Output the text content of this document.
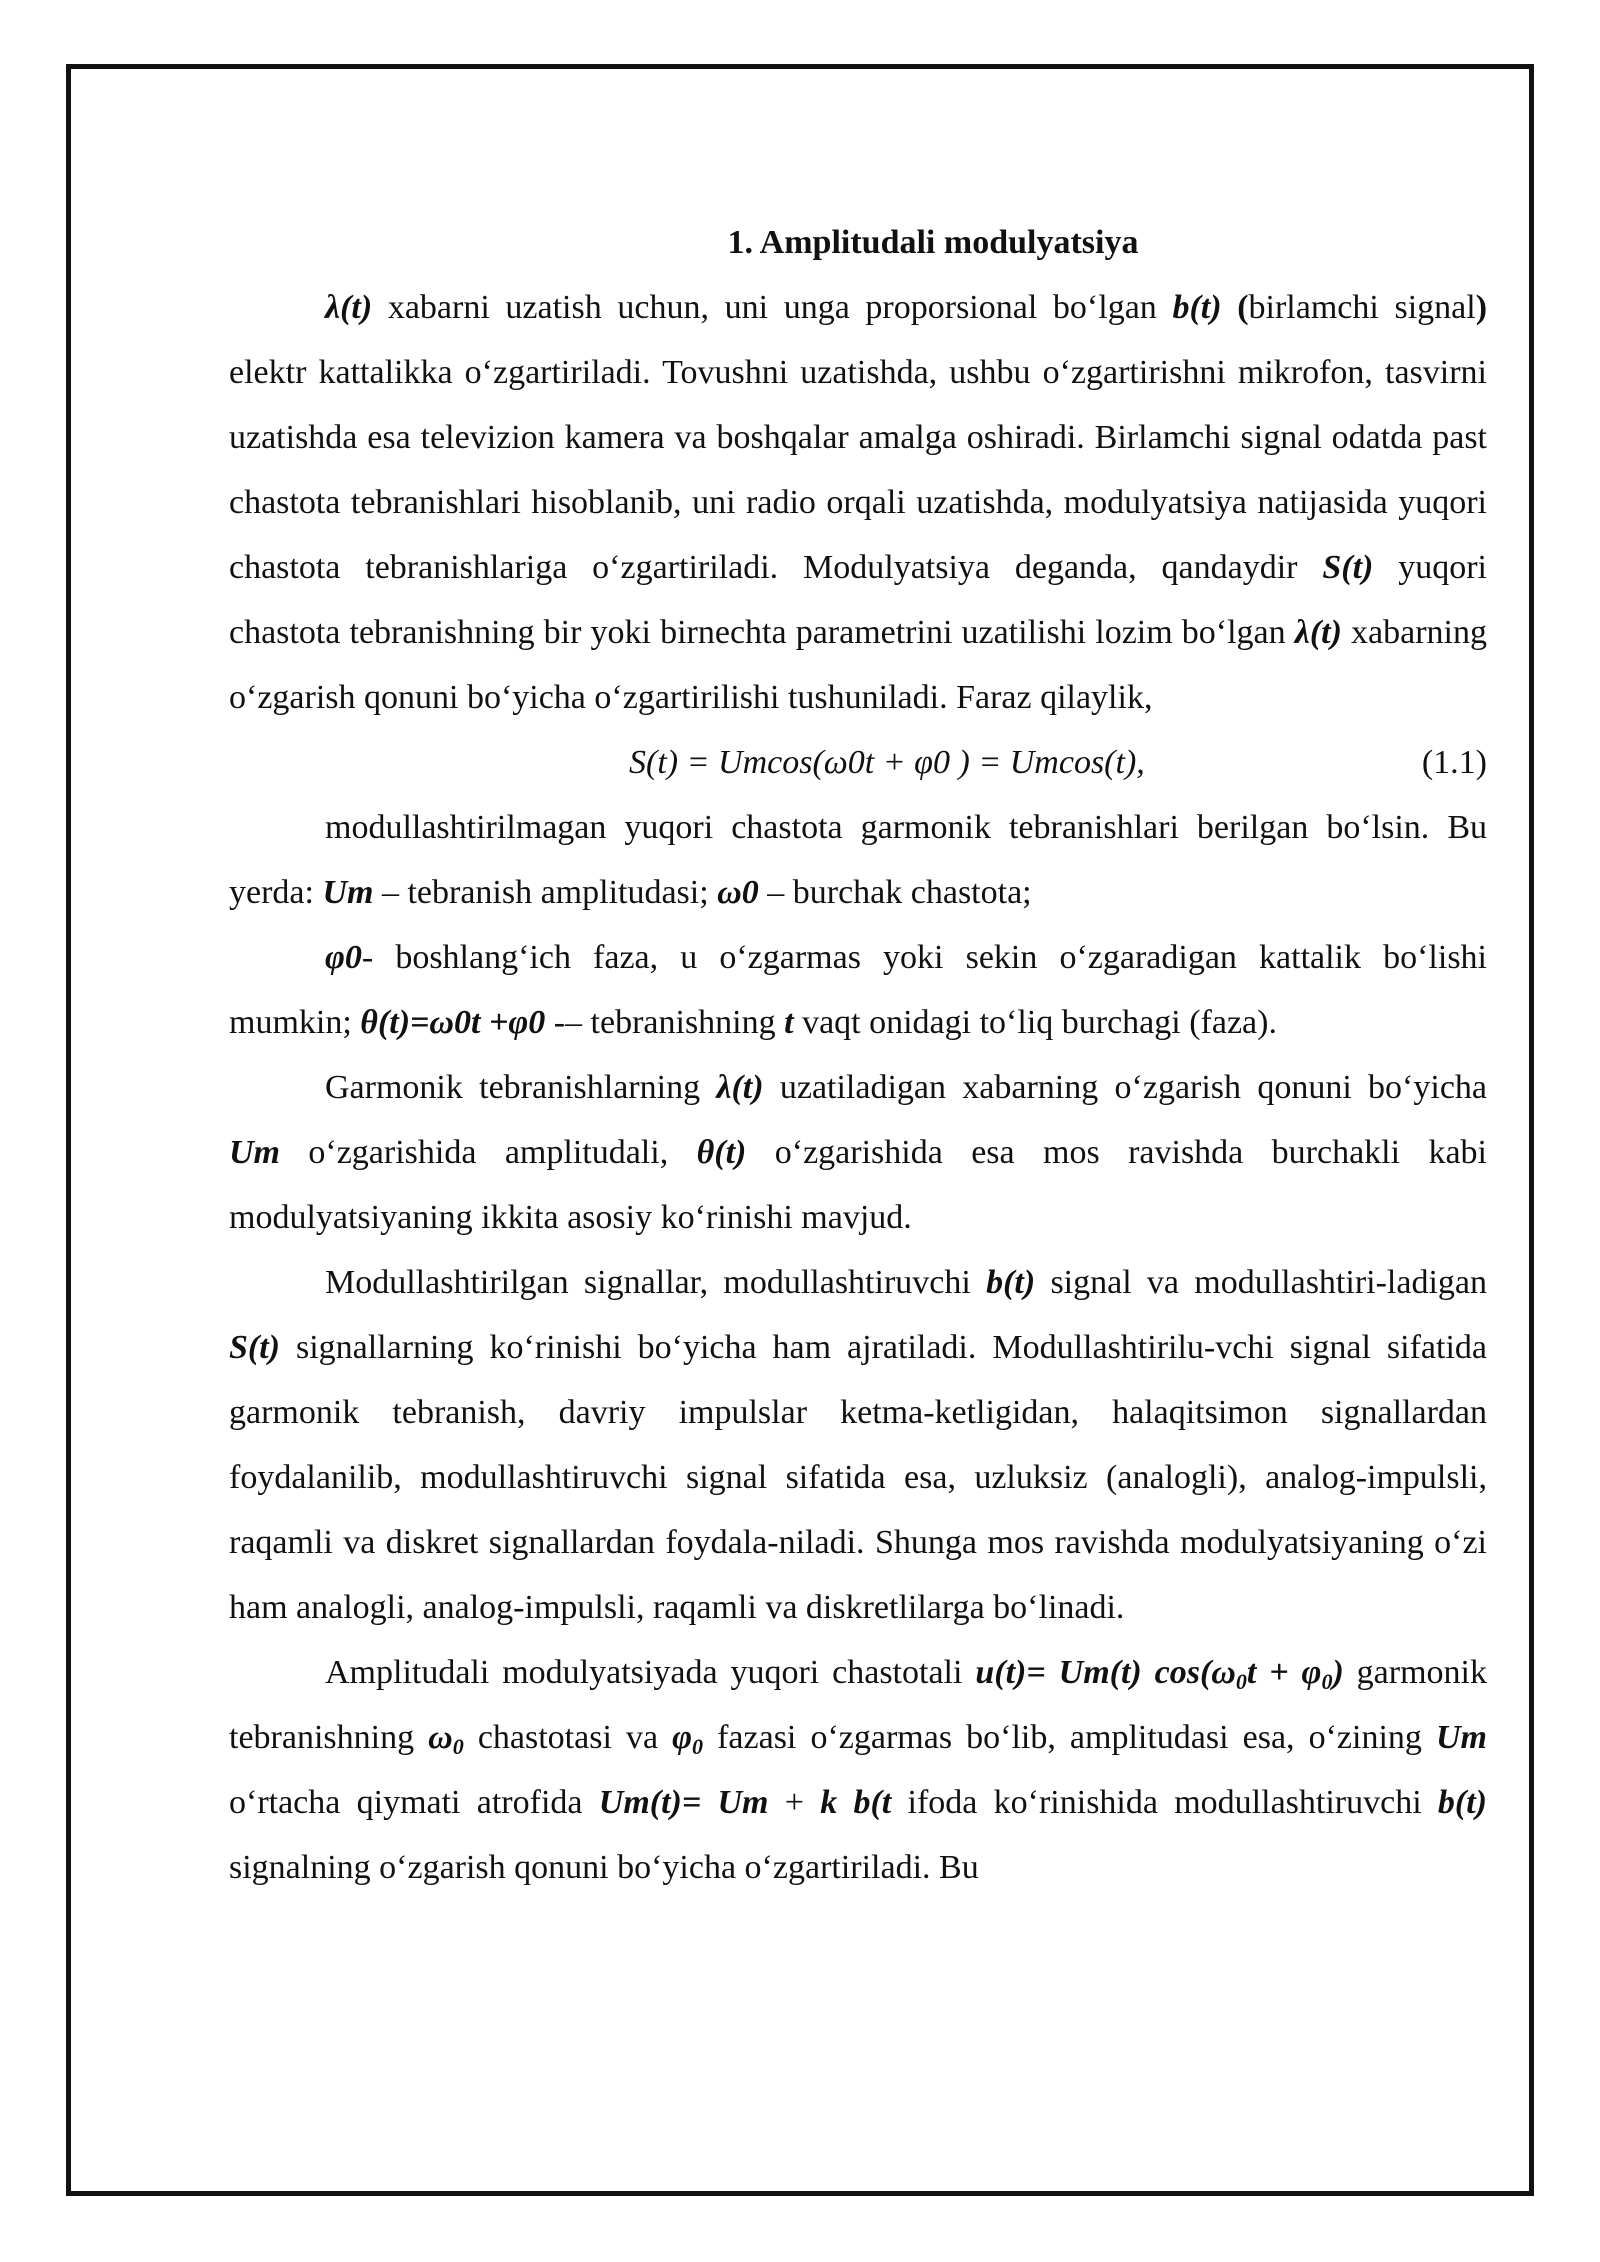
1. Amplitudali modulyatsiya

λ(t) xabarni uzatish uchun, uni unga proporsional bo‘lgan b(t) (birlamchi signal) elektr kattalikka o‘zgartiriladi. Tovushni uzatishda, ushbu o‘zgartirishni mikrofon, tasvirni uzatishda esa televizion kamera va boshqalar amalga oshiradi. Birlamchi signal odatda past chastota tebranishlari hisoblanib, uni radio orqali uzatishda, modulyatsiya natijasida yuqori chastota tebranishlariga o‘zgartiriladi. Modulyatsiya deganda, qandaydir S(t) yuqori chastota tebranishning bir yoki birnechta parametrini uzatilishi lozim bo‘lgan λ(t) xabarning o‘zgarish qonuni bo‘yicha o‘zgartirilishi tushuniladi. Faraz qilaylik,

S(t) = Umcos(ω0t + φ0 ) = Umcos(t),	(1.1)

modullashtirilmagan yuqori chastota garmonik tebranishlari berilgan bo‘lsin. Bu yerda: Um – tebranish amplitudasi; ω0 – burchak chastota;

φ0- boshlang‘ich faza, u o‘zgarmas yoki sekin o‘zgaradigan kattalik bo‘lishi mumkin; θ(t)=ω0t +φ0 -– tebranishning t vaqt onidagi to‘liq burchagi (faza).

Garmonik tebranishlarning λ(t) uzatiladigan xabarning o‘zgarish qonuni bo‘yicha Um o‘zgarishida amplitudali, θ(t) o‘zgarishida esa mos ravishda burchakli kabi modulyatsiyaning ikkita asosiy ko‘rinishi mavjud.

Modullashtirilgan signallar, modullashtiruvchi b(t) signal va modullashtiri-ladigan S(t) signallarning ko‘rinishi bo‘yicha ham ajratiladi. Modullashtirilu-vchi signal sifatida garmonik tebranish, davriy impulslar ketma-ketligidan, halaqitsimon signallardan foydalanilib, modullashtiruvchi signal sifatida esa, uzluksiz (analogli), analog-impulsli, raqamli va diskret signallardan foydala-niladi. Shunga mos ravishda modulyatsiyaning o‘zi ham analogli, analog-impulsli, raqamli va diskretlilarga bo‘linadi.

Amplitudali modulyatsiyada yuqori chastotali u(t)= Um(t) $\cos(\omega_0t + \varphi_0)$ garmonik tebranishning $\omega_0$ chastotasi va $\varphi_0$ fazasi o‘zgarmas bo‘lib, amplitudasi esa, o‘zining Um o‘rtacha qiymati atrofida Um(t)= Um + k b(t ifoda ko‘rinishida modullashtiruvchi b(t) signalning o‘zgarish qonuni bo‘yicha o‘zgartiriladi. Bu
